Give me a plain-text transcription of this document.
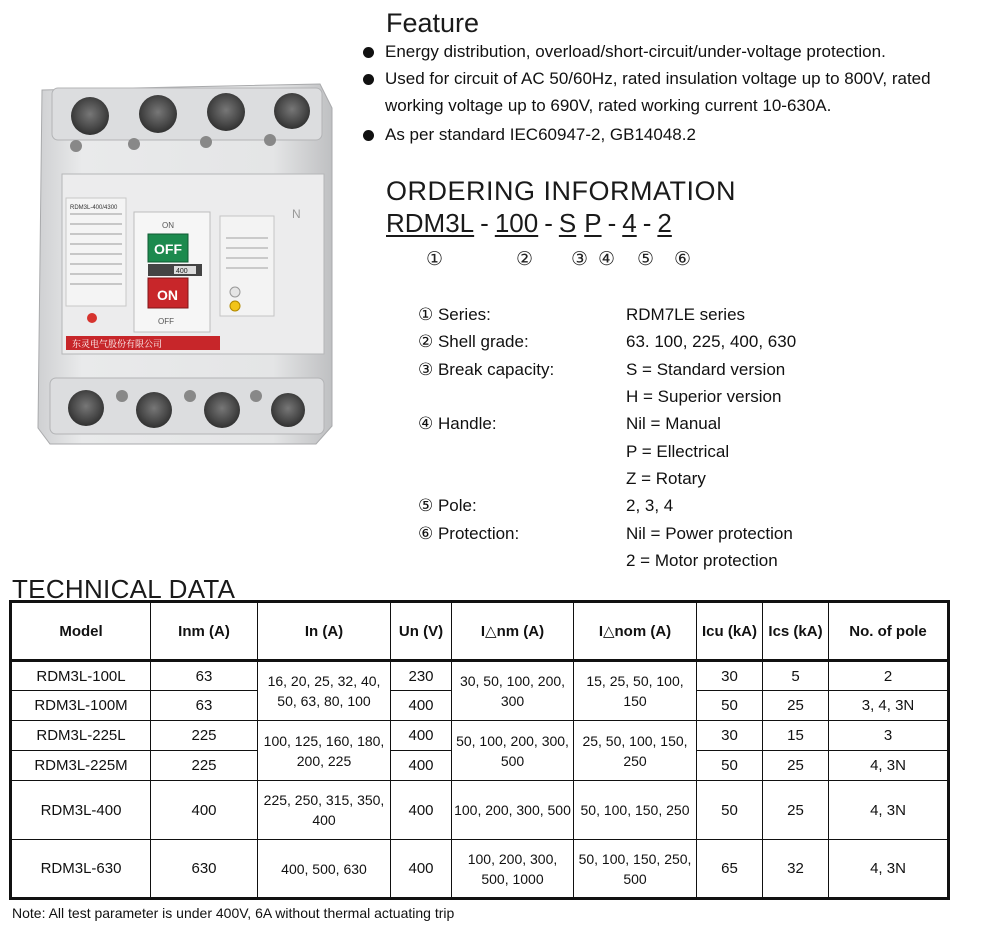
RDM3L-400/4300
ON
OFF
400
ON
OFF
N
东灵电气股份有限公司
Feature
Energy distribution, overload/short-circuit/under-voltage protection.
Used for circuit of AC 50/60Hz, rated insulation voltage up to 800V, rated
working voltage up to 690V, rated working current 10-630A.
As per standard IEC60947-2, GB14048.2
ORDERING INFORMATION
RDM3L - 100 - S P - 4 - 2
①	② ③ ④ ⑤ ⑥
① Series:	RDM7LE series
② Shell grade:	63. 100, 225, 400, 630
③ Break capacity:	S = Standard version
H = Superior version
④ Handle:	Nil = Manual
P = Ellectrical
Z = Rotary
⑤ Pole:	2, 3, 4
⑥ Protection:	Nil = Power protection
2 = Motor protection
TECHNICAL DATA
Model	Inm (A)	In (A)	Un (V)	I△nm (A)	I△nom (A)	Icu (kA)	Ics (kA)	No. of pole
RDM3L-100L	63	16, 20, 25, 32, 40, 50, 63, 80, 100	230	30, 50, 100, 200, 300	15, 25, 50, 100, 150	30	5	2
RDM3L-100M	63		400			50	25	3, 4, 3N
RDM3L-225L	225	100, 125, 160, 180, 200, 225	400	50, 100, 200, 300, 500	25, 50, 100, 150, 250	30	15	3
RDM3L-225M	225		400			50	25	4, 3N
RDM3L-400	400	225, 250, 315, 350, 400	400	100, 200, 300, 500	50, 100, 150, 250	50	25	4, 3N
RDM3L-630	630	400, 500, 630	400	100, 200, 300, 500, 1000	50, 100, 150, 250, 500	65	32	4, 3N
Note: All test parameter is under 400V, 6A without thermal actuating trip
